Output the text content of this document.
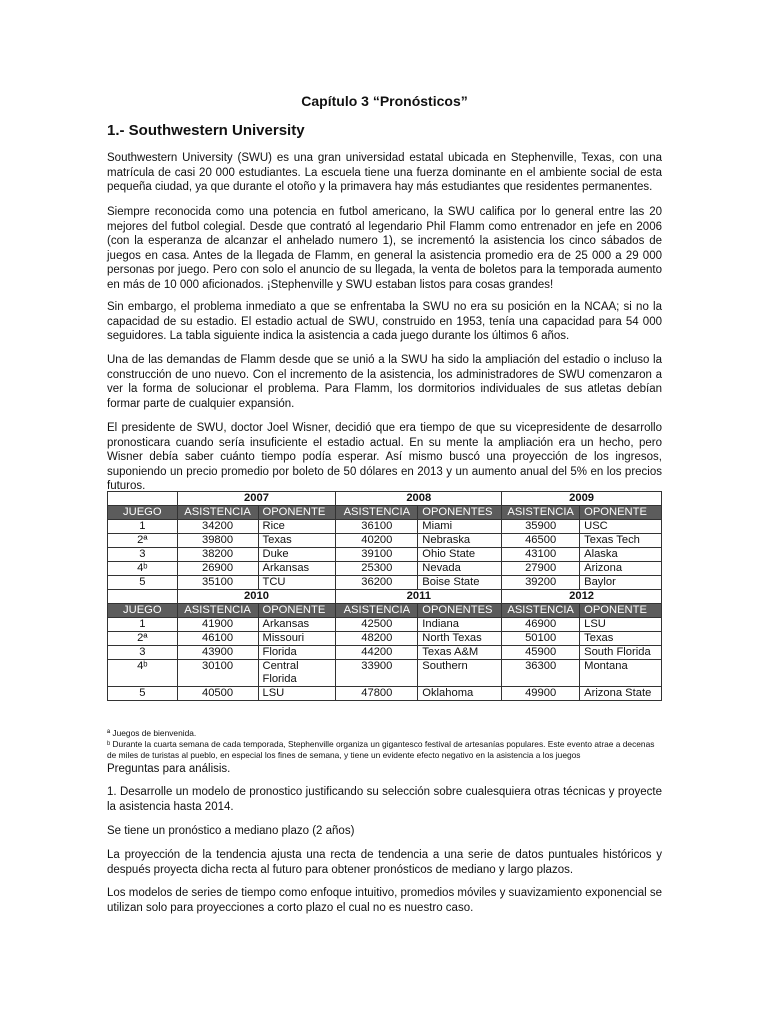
Capítulo 3 “Pronósticos”
1.- Southwestern University
Southwestern University (SWU) es una gran universidad estatal ubicada en Stephenville, Texas, con una matrícula de casi 20 000 estudiantes. La escuela tiene una fuerza dominante en el ambiente social de esta pequeña ciudad, ya que durante el otoño y la primavera hay más estudiantes que residentes permanentes.
Siempre reconocida como una potencia en futbol americano, la SWU califica por lo general entre las 20 mejores del futbol colegial. Desde que contrató al legendario Phil Flamm como entrenador en jefe en 2006 (con la esperanza de alcanzar el anhelado numero 1), se incrementó la asistencia los cinco sábados de juegos en casa. Antes de la llegada de Flamm, en general la asistencia promedio era de 25 000 a 29 000 personas por juego. Pero con solo el anuncio de su llegada, la venta de boletos para la temporada aumento en más de 10 000 aficionados. ¡Stephenville y SWU estaban listos para cosas grandes!
Sin embargo, el problema inmediato a que se enfrentaba la SWU no era su posición en la NCAA; si no la capacidad de su estadio. El estadio actual de SWU, construido en 1953, tenía una capacidad para 54 000 seguidores. La tabla siguiente indica la asistencia a cada juego durante los últimos 6 años.
Una de las demandas de Flamm desde que se unió a la SWU ha sido la ampliación del estadio o incluso la construcción de uno nuevo. Con el incremento de la asistencia, los administradores de SWU comenzaron a ver la forma de solucionar el problema. Para Flamm, los dormitorios individuales de sus atletas debían formar parte de cualquier expansión.
El presidente de SWU, doctor Joel Wisner, decidió que era tiempo de que su vicepresidente de desarrollo pronosticara cuando sería insuficiente el estadio actual. En su mente la ampliación era un hecho, pero Wisner debía saber cuánto tiempo podía esperar. Así mismo buscó una proyección de los ingresos, suponiendo un precio promedio por boleto de 50 dólares en 2013 y un aumento anual del 5% en los precios futuros.
	2007		2008		2009	
JUEGO	ASISTENCIA	OPONENTE	ASISTENCIA	OPONENTES	ASISTENCIA	OPONENTE
1	34200	Rice	36100	Miami	35900	USC
2ª	39800	Texas	40200	Nebraska	46500	Texas Tech
3	38200	Duke	39100	Ohio State	43100	Alaska
4ᵇ	26900	Arkansas	25300	Nevada	27900	Arizona
5	35100	TCU	36200	Boise State	39200	Baylor
	2010		2011		2012	
JUEGO	ASISTENCIA	OPONENTE	ASISTENCIA	OPONENTES	ASISTENCIA	OPONENTE
1	41900	Arkansas	42500	Indiana	46900	LSU
2ª	46100	Missouri	48200	North Texas	50100	Texas
3	43900	Florida	44200	Texas A&M	45900	South Florida
4ᵇ	30100	Central Florida	33900	Southern	36300	Montana
5	40500	LSU	47800	Oklahoma	49900	Arizona State
ª Juegos de bienvenida.
ᵇ Durante la cuarta semana de cada temporada, Stephenville organiza un gigantesco festival de artesanías populares. Este evento atrae a decenas de miles de turistas al pueblo, en especial los fines de semana, y tiene un evidente efecto negativo en la asistencia a los juegos
Preguntas para análisis.
1. Desarrolle un modelo de pronostico justificando su selección sobre cualesquiera otras técnicas y proyecte la asistencia hasta 2014.
Se tiene un pronóstico a mediano plazo (2 años)
La proyección de la tendencia ajusta una recta de tendencia a una serie de datos puntuales históricos y después proyecta dicha recta al futuro para obtener pronósticos de mediano y largo plazos.
Los modelos de series de tiempo como enfoque intuitivo, promedios móviles y suavizamiento exponencial se utilizan solo para proyecciones a corto plazo el cual no es nuestro caso.
